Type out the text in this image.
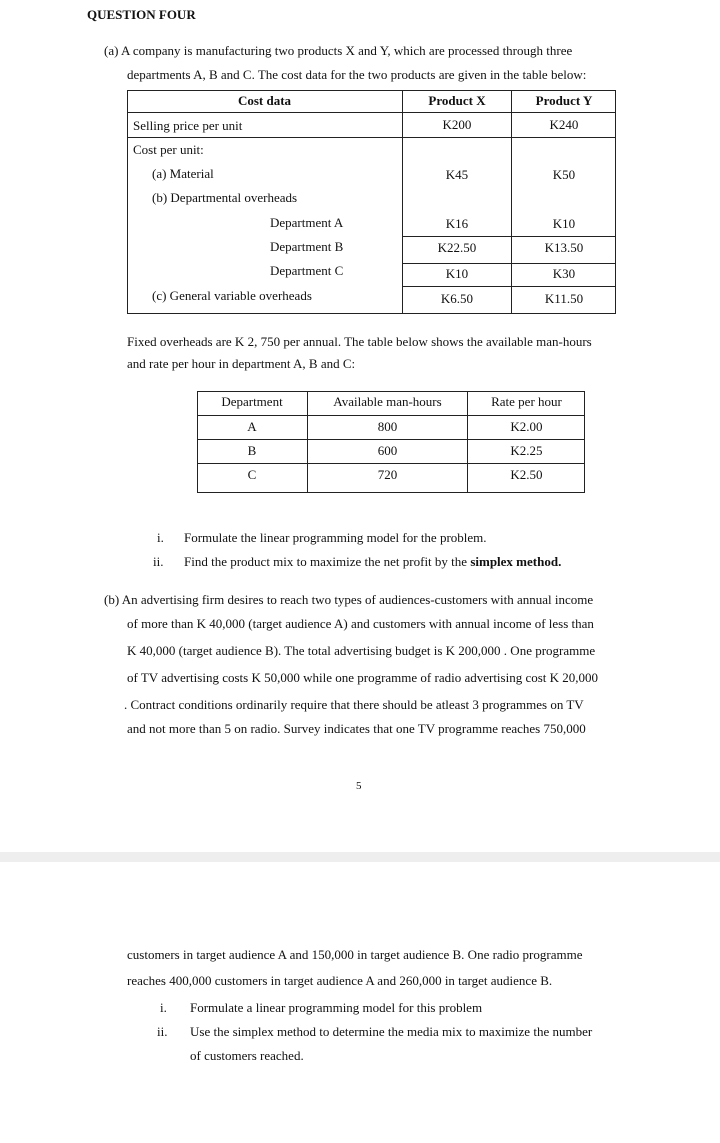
QUESTION FOUR
(a) A company is manufacturing two products X and Y, which are processed through three
departments A, B and C. The cost data for the two products are given in the table below:
Cost data	Product X	Product Y
Selling price per unit	K200	K240
Cost per unit:
(a) Material	K45	K50
(b) Departmental overheads
Department A	K16	K10
Department B	K22.50	K13.50
Department C	K10	K30
(c) General variable overheads	K6.50	K11.50
Fixed overheads are K 2, 750 per annual. The table below shows the available man-hours
and rate per hour in department A, B and C:
Department	Available man-hours	Rate per hour
A	800	K2.00
B	600	K2.25
C	720	K2.50
i. Formulate the linear programming model for the problem.
ii. Find the product mix to maximize the net profit by the simplex method.
(b) An advertising firm desires to reach two types of audiences-customers with annual income
of more than K 40,000 (target audience A) and customers with annual income of less than
K 40,000 (target audience B). The total advertising budget is K 200,000 . One programme
of TV advertising costs K 50,000 while one programme of radio advertising cost K 20,000
. Contract conditions ordinarily require that there should be atleast 3 programmes on TV
and not more than 5 on radio. Survey indicates that one TV programme reaches 750,000
5
customers in target audience A and 150,000 in target audience B. One radio programme
reaches 400,000 customers in target audience A and 260,000 in target audience B.
i. Formulate a linear programming model for this problem
ii. Use the simplex method to determine the media mix to maximize the number
of customers reached.
